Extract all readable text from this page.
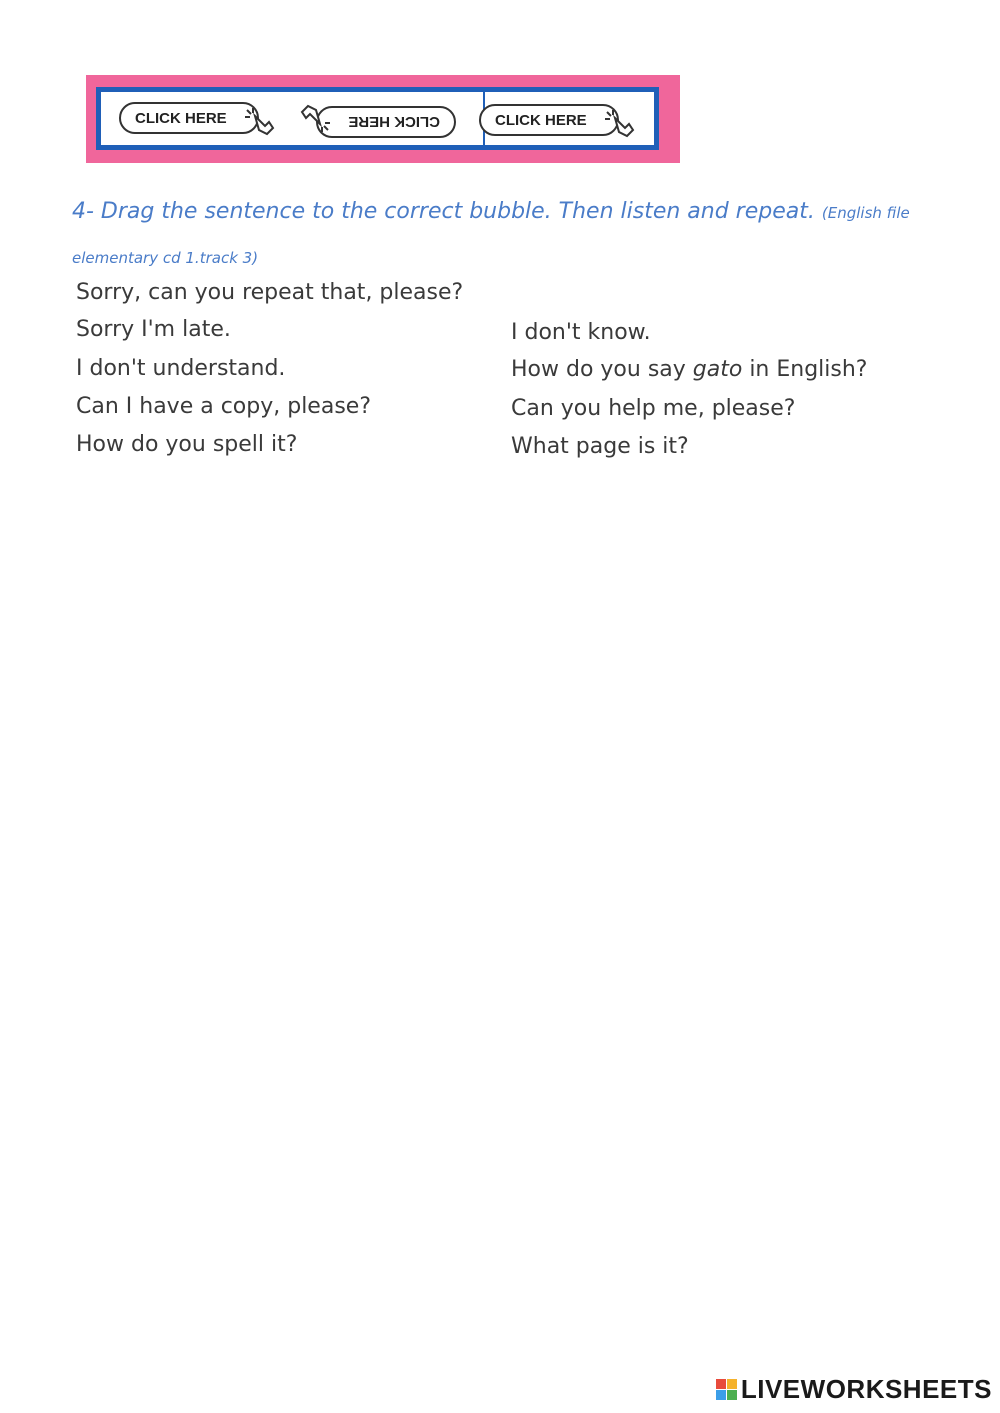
CLICK HERE	CLICK HERE	CLICK HERE
4- Drag the sentence to the correct bubble. Then listen and repeat. (English file elementary cd 1.track 3)
Sorry, can you repeat that, please?
Sorry I'm late.
I don't understand.
Can I have a copy, please?
How do you spell it?
I don't know.
How do you say gato in English?
Can you help me, please?
What page is it?
LIVEWORKSHEETS
